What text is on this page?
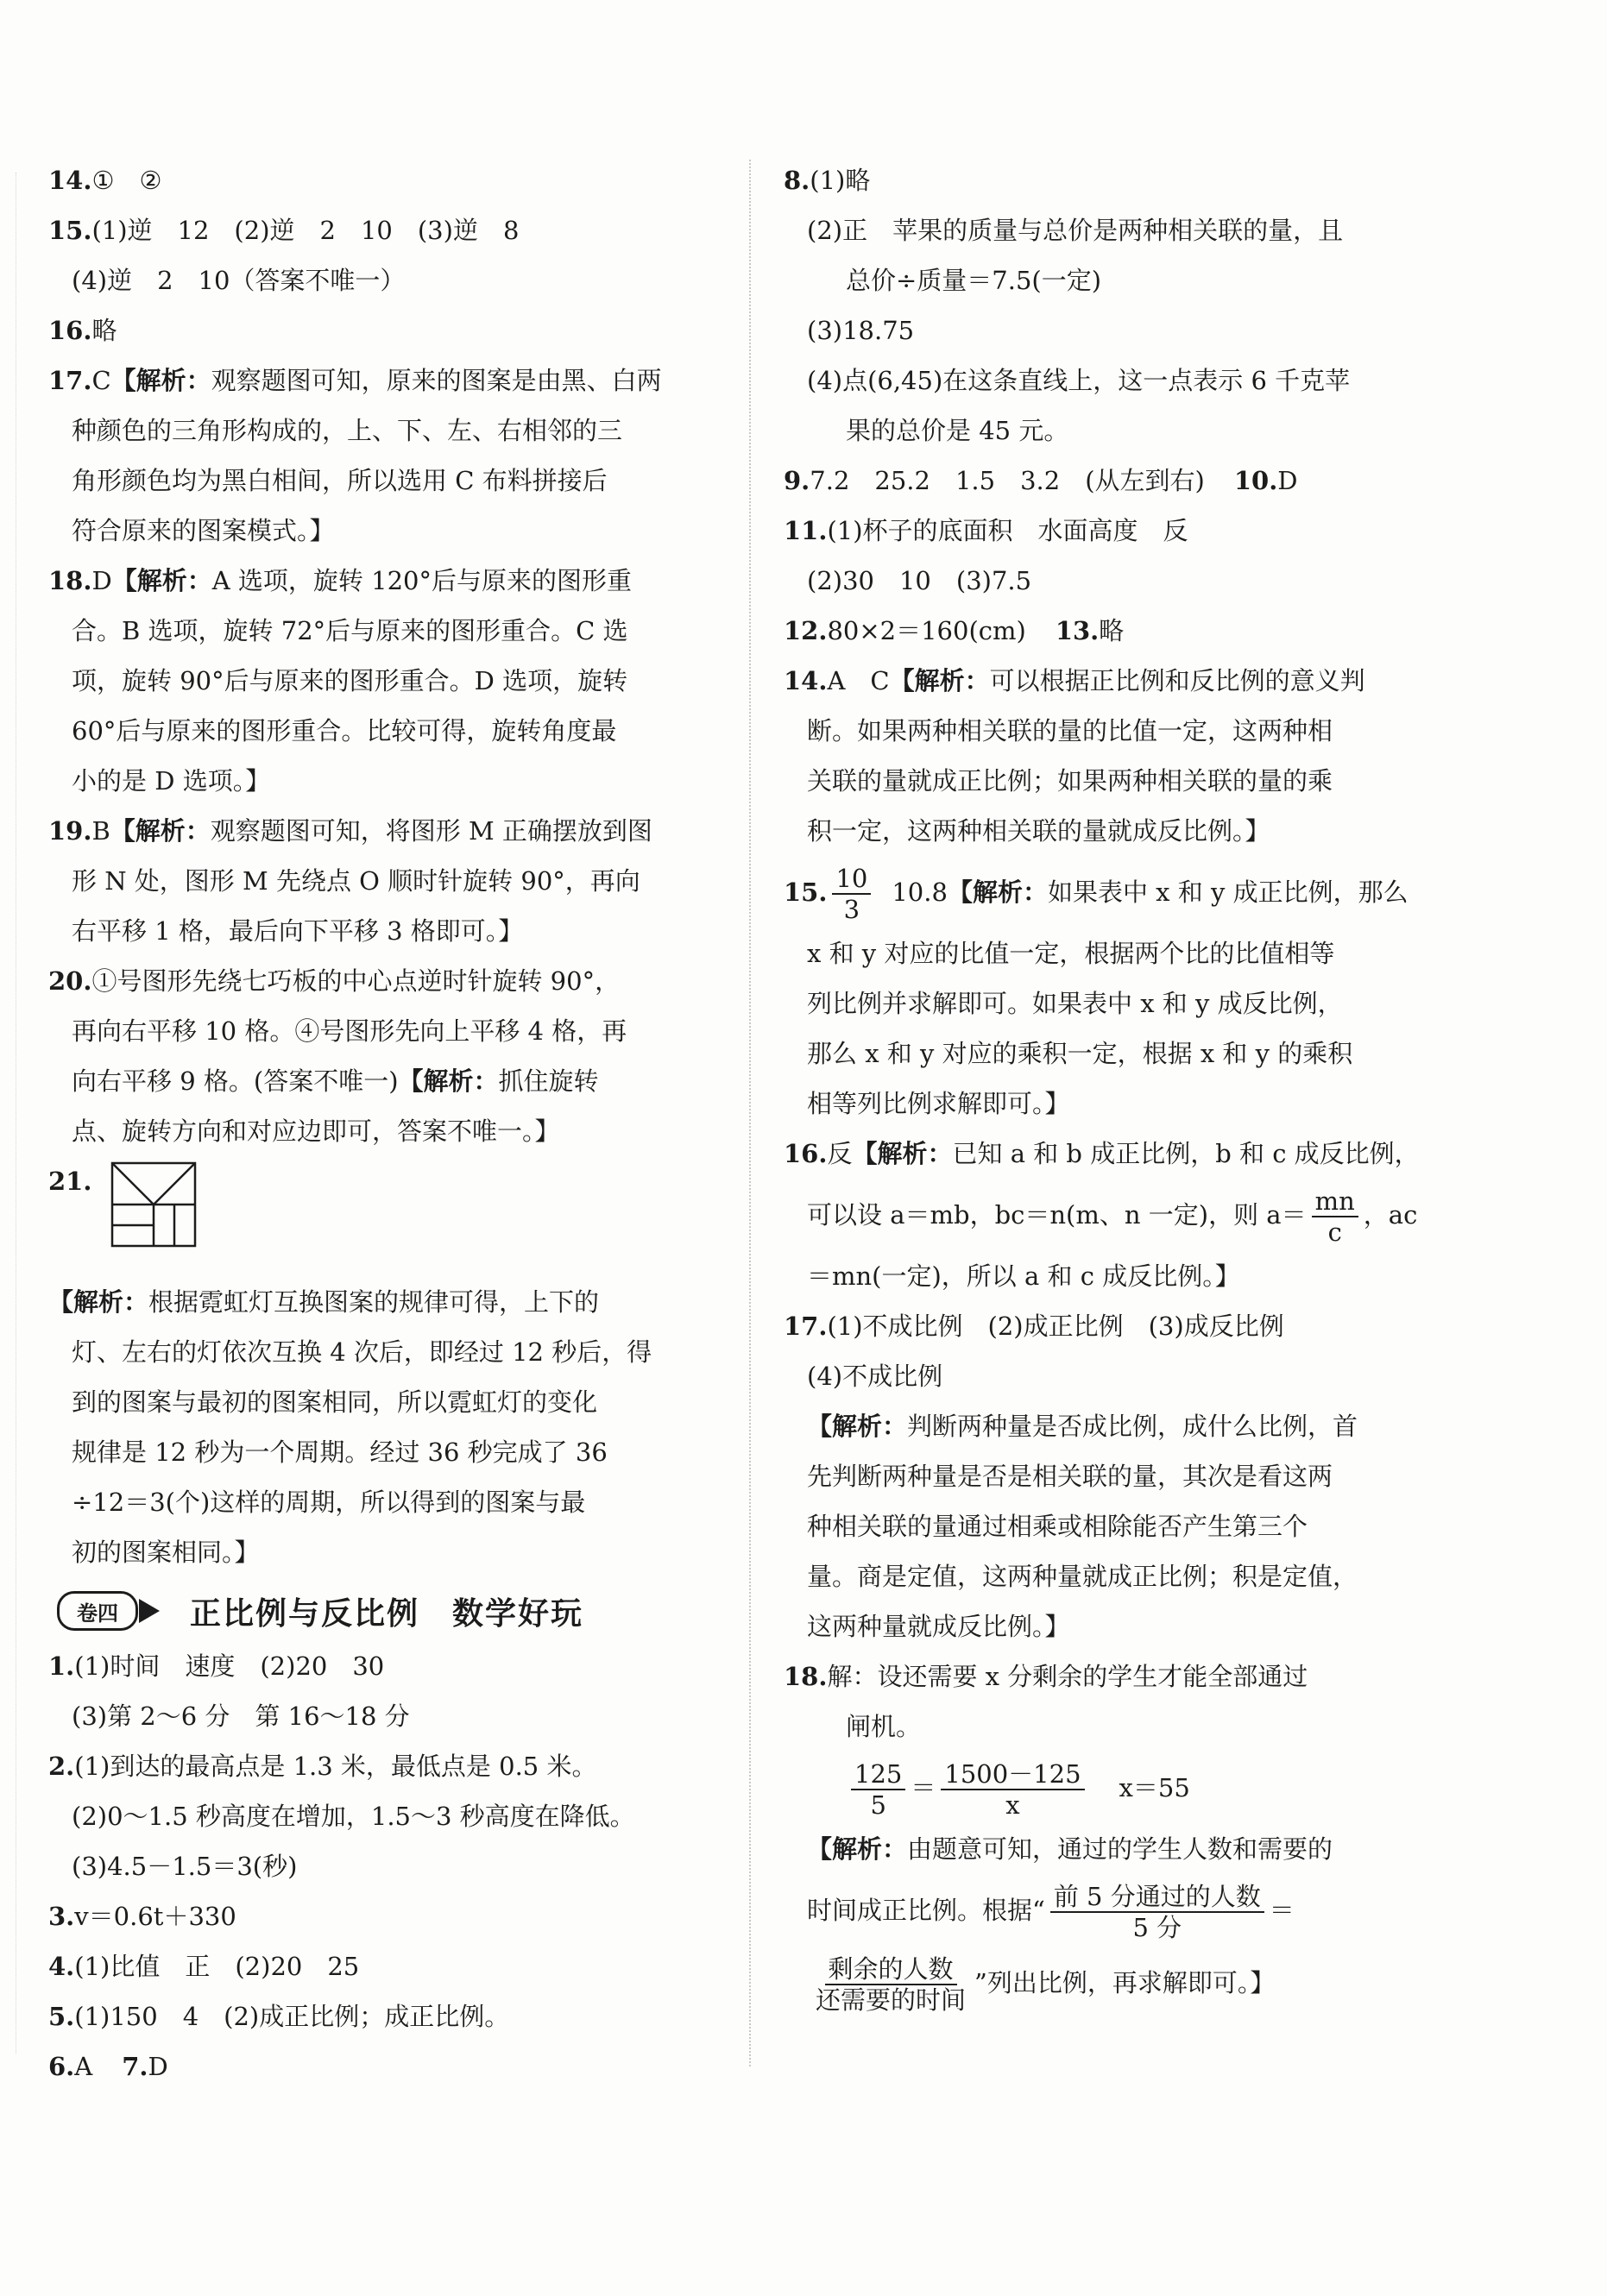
14.①　②
15.(1)逆　12　(2)逆　2　10　(3)逆　8
(4)逆　2　10（答案不唯一）
16.略
17.C【解析：观察题图可知，原来的图案是由黑、白两
种颜色的三角形构成的，上、下、左、右相邻的三
角形颜色均为黑白相间，所以选用 C 布料拼接后
符合原来的图案模式。】
18.D【解析：A 选项，旋转 120°后与原来的图形重
合。B 选项，旋转 72°后与原来的图形重合。C 选
项，旋转 90°后与原来的图形重合。D 选项，旋转
60°后与原来的图形重合。比较可得，旋转角度最
小的是 D 选项。】
19.B【解析：观察题图可知，将图形 M 正确摆放到图
形 N 处，图形 M 先绕点 O 顺时针旋转 90°，再向
右平移 1 格，最后向下平移 3 格即可。】
20.①号图形先绕七巧板的中心点逆时针旋转 90°，
再向右平移 10 格。④号图形先向上平移 4 格，再
向右平移 9 格。(答案不唯一)【解析：抓住旋转
点、旋转方向和对应边即可，答案不唯一。】
21.
【解析：根据霓虹灯互换图案的规律可得，上下的
灯、左右的灯依次互换 4 次后，即经过 12 秒后，得
到的图案与最初的图案相同，所以霓虹灯的变化
规律是 12 秒为一个周期。经过 36 秒完成了 36
÷12＝3(个)这样的周期，所以得到的图案与最
初的图案相同。】
卷四	正比例与反比例　数学好玩
1.(1)时间　速度　(2)20　30
(3)第 2～6 分　第 16～18 分
2.(1)到达的最高点是 1.3 米，最低点是 0.5 米。
(2)0～1.5 秒高度在增加，1.5～3 秒高度在降低。
(3)4.5－1.5＝3(秒)
3.v＝0.6t＋330
4.(1)比值　正　(2)20　25
5.(1)150　4　(2)成正比例；成正比例。
6.A 7.D
8.(1)略
(2)正　苹果的质量与总价是两种相关联的量，且
总价÷质量＝7.5(一定)
(3)18.75
(4)点(6,45)在这条直线上，这一点表示 6 千克苹
果的总价是 45 元。
9.7.2　25.2　1.5　3.2　(从左到右) 10.D
11.(1)杯子的底面积　水面高度　反
(2)30　10　(3)7.5
12.80×2＝160(cm) 13.略
14.A　C【解析：可以根据正比例和反比例的意义判
断。如果两种相关联的量的比值一定，这两种相
关联的量就成正比例；如果两种相关联的量的乘
积一定，这两种相关联的量就成反比例。】
15. $\frac{10}{3} 10.8$【解析：如果表中 x 和 y 成正比例，那么
x 和 y 对应的比值一定，根据两个比的比值相等
列比例并求解即可。如果表中 x 和 y 成反比例，
那么 x 和 y 对应的乘积一定，根据 x 和 y 的乘积
相等列比例求解即可。】
16.反【解析：已知 a 和 b 成正比例，b 和 c 成反比例，
可以设 a＝mb，bc＝n(m、n 一定)，则 $a= \frac{mn}{c}$ ，ac
＝mn(一定)，所以 a 和 c 成反比例。】
17.(1)不成比例　(2)成正比例　(3)成反比例
(4)不成比例
【解析：判断两种量是否成比例，成什么比例，首
先判断两种量是否是相关联的量，其次是看这两
种相关联的量通过相乘或相除能否产生第三个
量。商是定值，这两种量就成正比例；积是定值，
这两种量就成反比例。】
18.解：设还需要 x 分剩余的学生才能全部通过
闸机。
$\frac{125}{5} = \frac{1500-125}{x} x=55$
【解析：由题意可知，通过的学生人数和需要的
时间成正比例。根据“ $\frac{\text{前 5 分通过的人数}}{\text{5 分}}$ ＝
$\frac{\text{剩余的人数}}{\text{还需要的时间}}$ ”列出比例，再求解即可。】
